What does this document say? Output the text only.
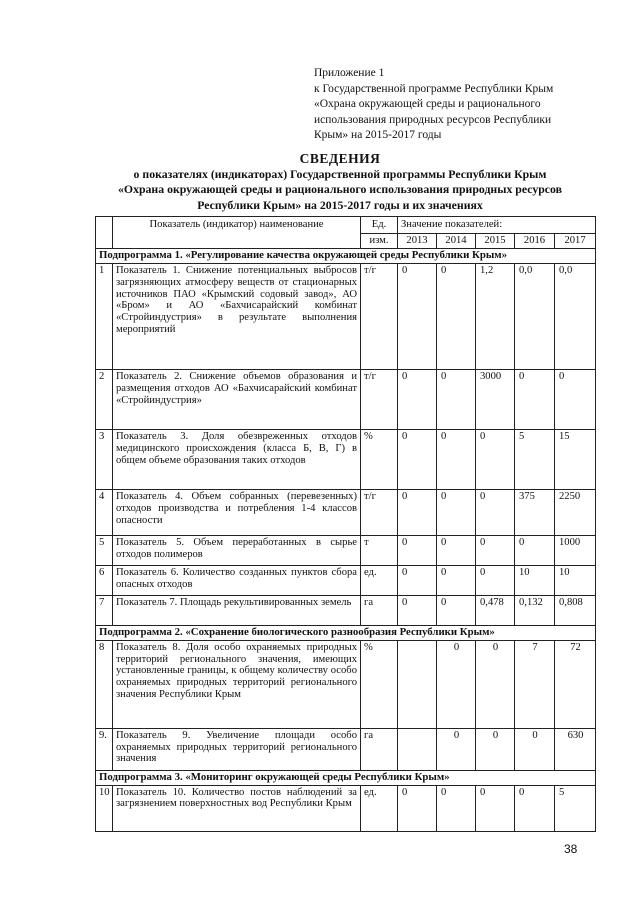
Приложение 1
к Государственной программе Республики Крым
«Охрана окружающей среды и рационального
использования природных ресурсов Республики
Крым» на 2015-2017 годы
СВЕДЕНИЯ
о показателях (индикаторах) Государственной программы Республики Крым
«Охрана окружающей среды и рационального использования природных ресурсов
Республики Крым» на 2015-2017 годы и их значениях
	Показатель (индикатор) наименование	Ед.	Значение показателей:				
		изм.	2013	2014	2015	2016	2017
Подпрограмма 1. «Регулирование качества окружающей среды Республики Крым»							
1	Показатель 1. Снижение потенциальных выбросов загрязняющих атмосферу веществ от стационарных источников ПАО «Крымский содовый завод», АО «Бром» и АО «Бахчисарайский комбинат «Стройиндустрия» в результате выполнения мероприятий	т/г	0	0	1,2	0,0	0,0
2	Показатель 2. Снижение объемов образования и размещения отходов АО «Бахчисарайский комбинат «Стройиндустрия»	т/г	0	0	3000	0	0
3	Показатель 3. Доля обезвреженных отходов медицинского происхождения (класса Б, В, Г) в общем объеме образования таких отходов	%	0	0	0	5	15
4	Показатель 4. Объем собранных (перевезенных) отходов производства и потребления 1-4 классов опасности	т/г	0	0	0	375	2250
5	Показатель 5. Объем переработанных в сырье отходов полимеров	т	0	0	0	0	1000
6	Показатель 6. Количество созданных пунктов сбора опасных отходов	ед.	0	0	0	10	10
7	Показатель 7. Площадь рекультивированных земель	га	0	0	0,478	0,132	0,808
Подпрограмма 2. «Сохранение биологического разнообразия Республики Крым»							
8	Показатель 8. Доля особо охраняемых природных территорий регионального значения, имеющих установленные границы, к общему количеству особо охраняемых природных территорий регионального значения Республики Крым	%		0	0	7	72
9.	Показатель 9. Увеличение площади особо охраняемых природных территорий регионального значения	га		0	0	0	630
Подпрограмма 3. «Мониторинг окружающей среды Республики Крым»							
10	Показатель 10. Количество постов наблюдений за загрязнением поверхностных вод Республики Крым	ед.	0	0	0	0	5
38
